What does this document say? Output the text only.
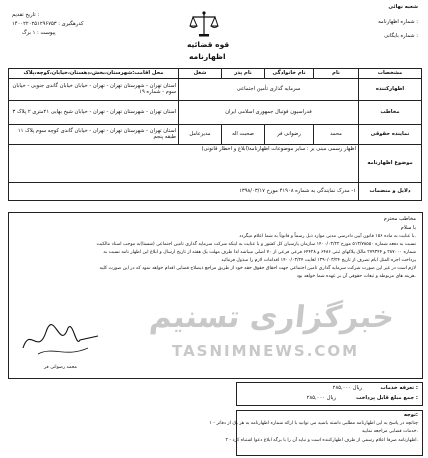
تاریخ تقدیم :
کدرهگیری : ۱۴۰۰۲۲۰۲۵۱۲۹۶۷۵۳
پیوست : ۱ برگ
قوه قضائیه
اظهارنامه
شعبه نهائی
شماره اظهارنامه :
شماره بایگانی :
مشخصات	نام	نام خانوادگی	نام پدر	شغل	محل اقامت:شهرستان،بخش،دهستان،خیابان،کوچه،پلاک
اظهارکننده	سرمایه گذاری تأمین اجتماعی				استان تهران - شهرستان تهران - تهران - خیابان خیابان گاندی جنوبی - خیابان سوم - شماره ۱۹
مخاطب	فدراسیون فوتبال جمهوری اسلامی ایران				استان تهران - شهرستان تهران - تهران - خیابان شیخ بهایی ۲۱متری ۲ پلاک ۳
نماینده حقوقی	محمد	رضوانی فر	صحبت اله	مدیرعامل	استان تهران - شهرستان تهران - تهران - خیابان گاندی کوچه سوم پلاک ۱۱ طبقه پنجم
موضوع اظهارنامه	اظهار رسمی مبنی بر : سایر موضوعات اظهارنامه(ابلاغ و اخطار قانونی)				
دلایل و منضمات	۱- مدرک نمایندگی به شماره ۴۱۹۰۸ مورخ ۱۳۹۸/۰۳/۱۷				
مخاطب محترم
با سلام
با عنایت به ماده ۱۵۶ قانون آیین دادرسی مدنی موارد ذیل رسماً و قانوناً به شما اعلام میگردد.
نسبت به دفعه شماره ۵۱۳/۷۸۵۵۰ مورخ ۱۴۰۰/۰۳/۲۲ سازمان پارسیان کل کشور و با عنایت به اینکه شرکت سرمایه گذاری تامین اجتماعی (شستا)به موجب اسناد مالکیت
شماره ۲۸۷۰۰۰ و ۲۷۹۳۴۴ مالک پلاکهای ثبتی ۶۴۸۶ و ۶۴۴۲۸ فرعی فرعی از ۷۰ اصلی میباشد لذا طرف مهلت یک هفته از تاریخ ارسال و ابلاغ این اظهار نامه نسبت به
پرداخت اجره المثل ایام تصرف از تاریخ ۱۳۹۰/۰۳/۲۴ لغایت ۱۴۰۰/۰۳/۲۴ اقدامات لازم را مبذول فرمائید
لازم است در غیر این صورت شرکت سرمایه گذاری تامین اجتماعی جهت احقاق حقوق حقه خود از طریق مراجع ذیصلاح قضایی اقدام خواهد نمود که در این صورت کلیه
هزینه های مربوطه و تبعات حقوقی آن بر عهده شما خواهد بود.
محمد رضوانی فر
خبرگزاری تسنیم
TASNIMNEWS.COM
تعرفه خدمات :
۲۸۵,۰۰۰ ریال
جمع مبلغ قابل پرداخت :
۲۸۵,۰۰۰ ریال
توجه:
۱ - چنانچه در پاسخ به این اظهارنامه مطلبی داشته باشید می توانید با ارائه شماره اظهارنامه به هر یک از دفاتر
خدمات قضایی مراجعه نمایید.
۲ - اظهارنامه صرفا اعلام رسمی از طرف اظهارکننده است و نباید آن را با برگه ابلاغ دعوا اشتباه کرد.
